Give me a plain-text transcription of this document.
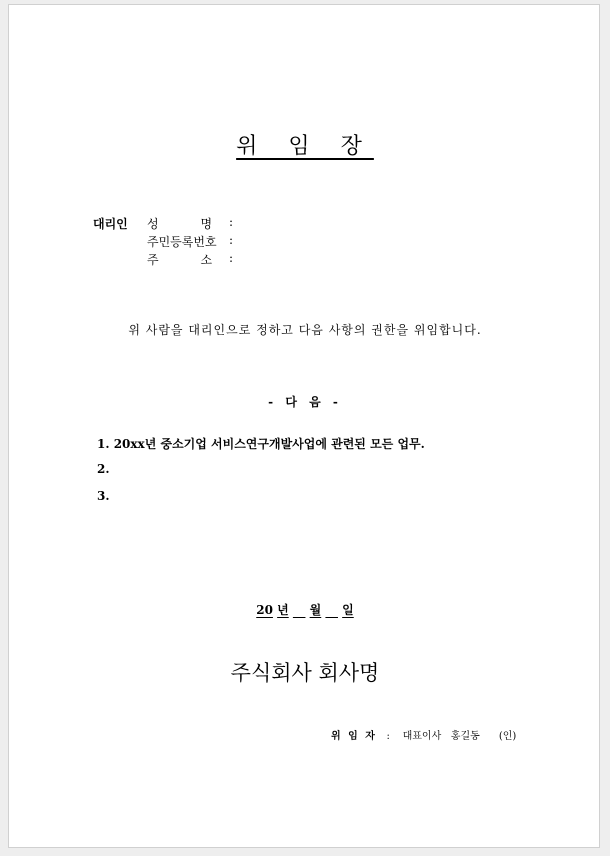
위 임 장
대리인 성           명	:
주민등록번호 :
주           소	:
위 사람을 대리인으로 정하고 다음 사항의 권한을 위임합니다.
- 다 음 -
1. 20xx년 중소기업 서비스연구개발사업에 관련된 모든 업무.
2.
3.
20 년 월 일
주식회사 회사명
위 임 자 : 대표이사 홍길동 (인)
